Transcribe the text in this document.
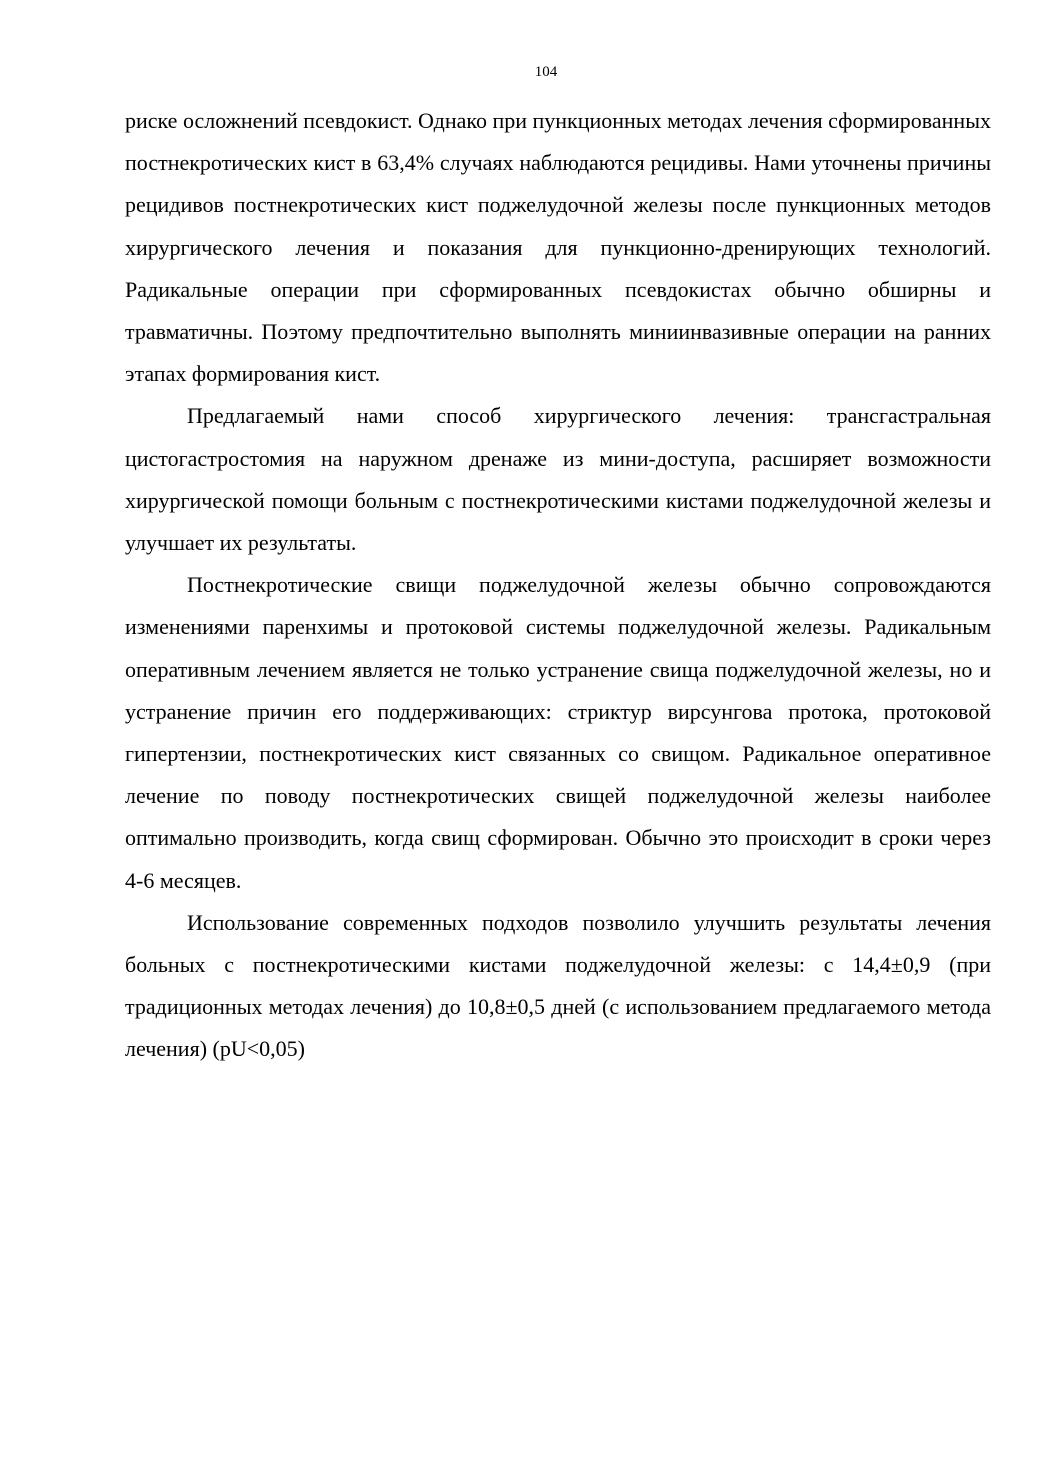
104

риске осложнений псевдокист. Однако при пункционных методах лечения сформированных постнекротических кист в 63,4% случаях наблюдаются рецидивы. Нами уточнены причины рецидивов постнекротических кист поджелудочной железы после пункционных методов хирургического лечения и показания для пункционно-дренирующих технологий. Радикальные операции при сформированных псевдокистах обычно обширны и травматичны. Поэтому предпочтительно выполнять миниинвазивные операции на ранних этапах формирования кист.

Предлагаемый нами способ хирургического лечения: трансгастральная цистогастростомия на наружном дренаже из мини-доступа, расширяет возможности хирургической помощи больным с постнекротическими кистами поджелудочной железы и улучшает их результаты.

Постнекротические свищи поджелудочной железы обычно сопровождаются изменениями паренхимы и протоковой системы поджелудочной железы. Радикальным оперативным лечением является не только устранение свища поджелудочной железы, но и устранение причин его поддерживающих: стриктур вирсунгова протока, протоковой гипертензии, постнекротических кист связанных со свищом. Радикальное оперативное лечение по поводу постнекротических свищей поджелудочной железы наиболее оптимально производить, когда свищ сформирован. Обычно это происходит в сроки через 4-6 месяцев.

Использование современных подходов позволило улучшить результаты лечения больных с постнекротическими кистами поджелудочной железы: с 14,4±0,9 (при традиционных методах лечения) до 10,8±0,5 дней (с использованием предлагаемого метода лечения) (pU<0,05)
